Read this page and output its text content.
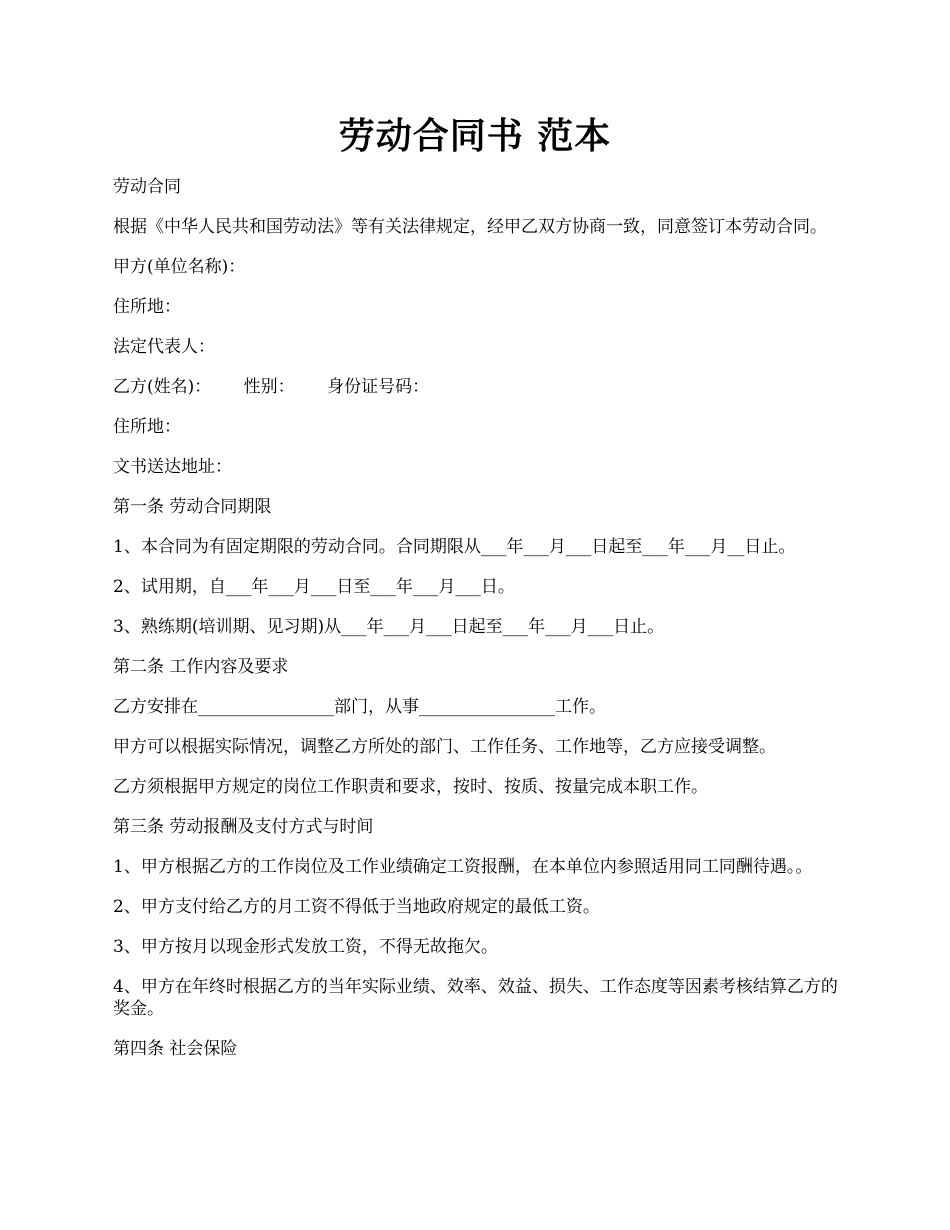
劳动合同书 范本

劳动合同

根据《中华人民共和国劳动法》等有关法律规定，经甲乙双方协商一致，同意签订本劳动合同。

甲方(单位名称)：

住所地：

法定代表人：

乙方(姓名)：      性别：      身份证号码：

住所地：

文书送达地址：

第一条 劳动合同期限

1、本合同为有固定期限的劳动合同。合同期限从___年___月___日起至___年___月__日止。

2、试用期，自___年___月___日至___年___月___日。

3、熟练期(培训期、见习期)从___年___月___日起至___年___月___日止。

第二条 工作内容及要求

乙方安排在________________部门，从事________________工作。

甲方可以根据实际情况，调整乙方所处的部门、工作任务、工作地等，乙方应接受调整。

乙方须根据甲方规定的岗位工作职责和要求，按时、按质、按量完成本职工作。

第三条 劳动报酬及支付方式与时间

1、甲方根据乙方的工作岗位及工作业绩确定工资报酬，在本单位内参照适用同工同酬待遇。。

2、甲方支付给乙方的月工资不得低于当地政府规定的最低工资。

3、甲方按月以现金形式发放工资，不得无故拖欠。

4、甲方在年终时根据乙方的当年实际业绩、效率、效益、损失、工作态度等因素考核结算乙方的奖金。

第四条 社会保险
